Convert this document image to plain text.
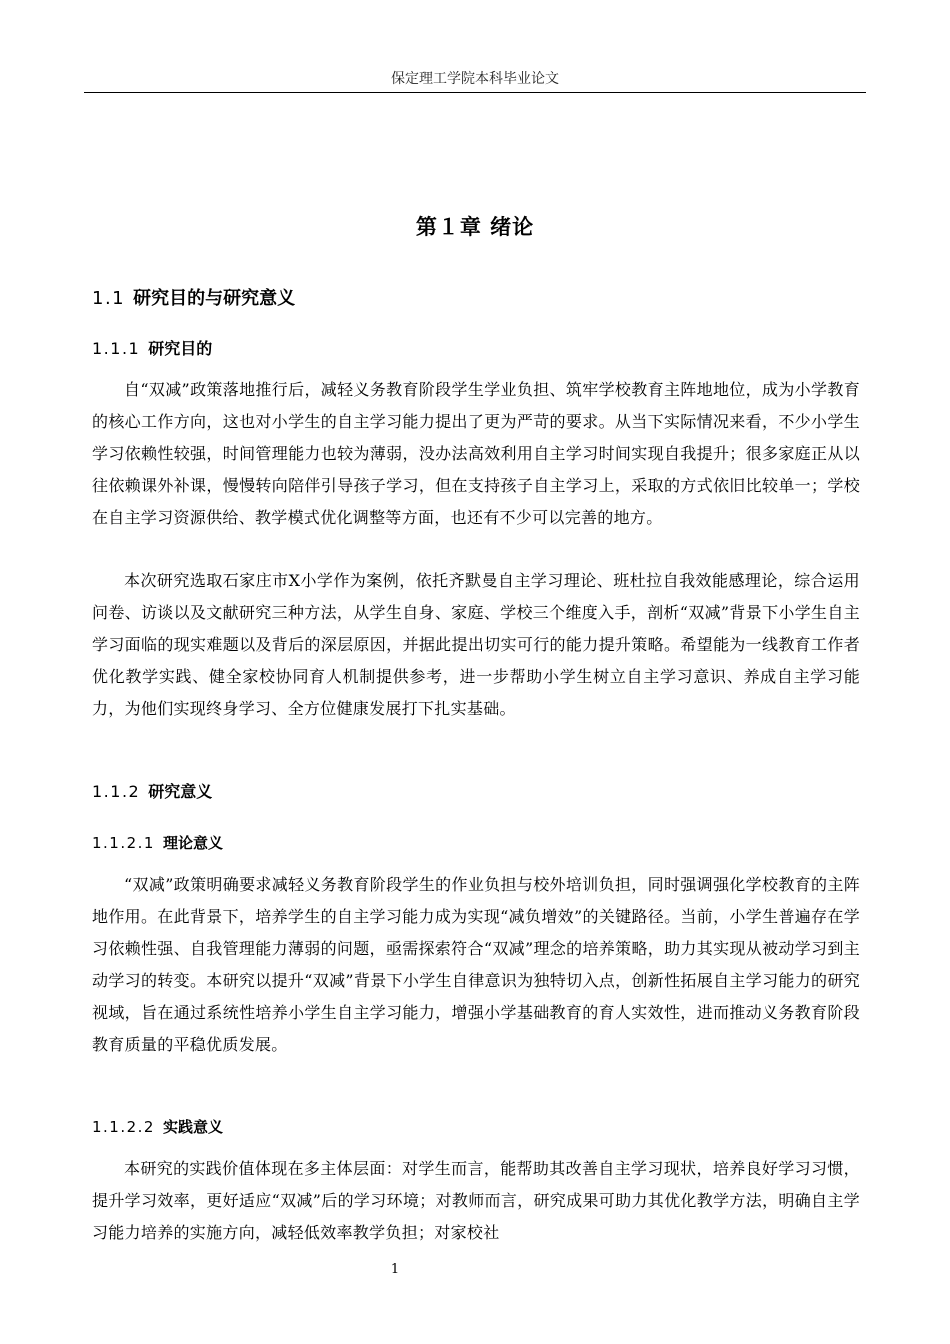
保定理工学院本科毕业论文
第１章 绪论
1.1 研究目的与研究意义
1.1.1 研究目的

自“双减”政策落地推行后，减轻义务教育阶段学生学业负担、筑牢学校教育主阵地地位，成为小学教育的核心工作方向，这也对小学生的自主学习能力提出了更为严苛的要求。从当下实际情况来看，不少小学生学习依赖性较强，时间管理能力也较为薄弱，没办法高效利用自主学习时间实现自我提升；很多家庭正从以往依赖课外补课，慢慢转向陪伴引导孩子学习，但在支持孩子自主学习上，采取的方式依旧比较单一；学校在自主学习资源供给、教学模式优化调整等方面，也还有不少可以完善的地方。

本次研究选取石家庄市X小学作为案例，依托齐默曼自主学习理论、班杜拉自我效能感理论，综合运用问卷、访谈以及文献研究三种方法，从学生自身、家庭、学校三个维度入手，剖析“双减”背景下小学生自主学习面临的现实难题以及背后的深层原因，并据此提出切实可行的能力提升策略。希望能为一线教育工作者优化教学实践、健全家校协同育人机制提供参考，进一步帮助小学生树立自主学习意识、养成自主学习能力，为他们实现终身学习、全方位健康发展打下扎实基础。

1.1.2 研究意义
1.1.2.1 理论意义

“双减”政策明确要求减轻义务教育阶段学生的作业负担与校外培训负担，同时强调强化学校教育的主阵地作用。在此背景下，培养学生的自主学习能力成为实现“减负增效”的关键路径。当前，小学生普遍存在学习依赖性强、自我管理能力薄弱的问题，亟需探索符合“双减”理念的培养策略，助力其实现从被动学习到主动学习的转变。本研究以提升“双减”背景下小学生自律意识为独特切入点，创新性拓展自主学习能力的研究视域，旨在通过系统性培养小学生自主学习能力，增强小学基础教育的育人实效性，进而推动义务教育阶段教育质量的平稳优质发展。

1.1.2.2 实践意义

本研究的实践价值体现在多主体层面：对学生而言，能帮助其改善自主学习现状，培养良好学习习惯，提升学习效率，更好适应“双减”后的学习环境；对教师而言，研究成果可助力其优化教学方法，明确自主学习能力培养的实施方向，减轻低效率教学负担；对家校社

1
